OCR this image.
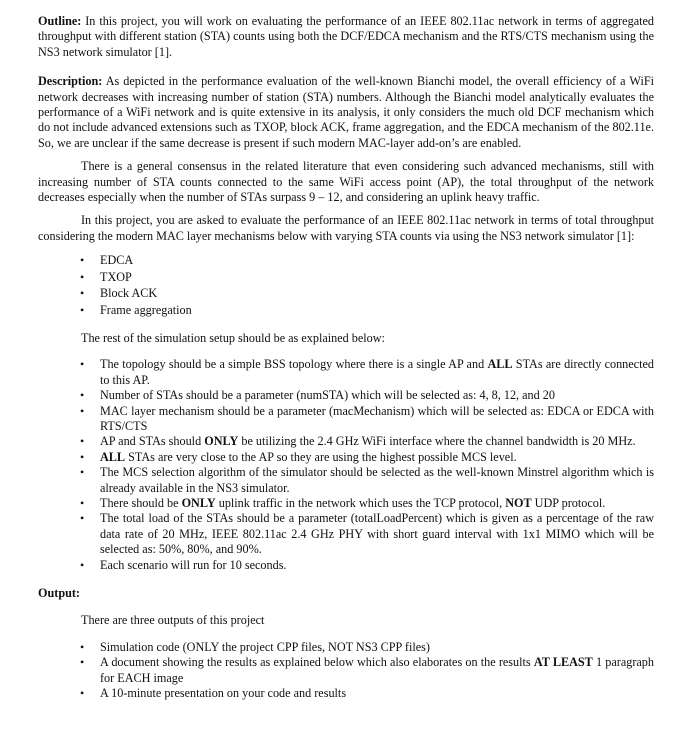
Outline: In this project, you will work on evaluating the performance of an IEEE 802.11ac network in terms of aggregated throughput with different station (STA) counts using both the DCF/EDCA mechanism and the RTS/CTS mechanism using the NS3 network simulator [1].

Description: As depicted in the performance evaluation of the well-known Bianchi model, the overall efficiency of a WiFi network decreases with increasing number of station (STA) numbers. Although the Bianchi model analytically evaluates the performance of a WiFi network and is quite extensive in its analysis, it only considers the much old DCF mechanism which do not include advanced extensions such as TXOP, block ACK, frame aggregation, and the EDCA mechanism of the 802.11e. So, we are unclear if the same decrease is present if such modern MAC-layer add-on’s are enabled.

There is a general consensus in the related literature that even considering such advanced mechanisms, still with increasing number of STA counts connected to the same WiFi access point (AP), the total throughput of the network decreases especially when the number of STAs surpass 9 – 12, and considering an uplink heavy traffic.

In this project, you are asked to evaluate the performance of an IEEE 802.11ac network in terms of total throughput considering the modern MAC layer mechanisms below with varying STA counts via using the NS3 network simulator [1]:

• EDCA
• TXOP
• Block ACK
• Frame aggregation

The rest of the simulation setup should be as explained below:

• The topology should be a simple BSS topology where there is a single AP and ALL STAs are directly connected to this AP.
• Number of STAs should be a parameter (numSTA) which will be selected as: 4, 8, 12, and 20
• MAC layer mechanism should be a parameter (macMechanism) which will be selected as: EDCA or EDCA with RTS/CTS
• AP and STAs should ONLY be utilizing the 2.4 GHz WiFi interface where the channel bandwidth is 20 MHz.
• ALL STAs are very close to the AP so they are using the highest possible MCS level.
• The MCS selection algorithm of the simulator should be selected as the well-known Minstrel algorithm which is already available in the NS3 simulator.
• There should be ONLY uplink traffic in the network which uses the TCP protocol, NOT UDP protocol.
• The total load of the STAs should be a parameter (totalLoadPercent) which is given as a percentage of the raw data rate of 20 MHz, IEEE 802.11ac 2.4 GHz PHY with short guard interval with 1x1 MIMO which will be selected as: 50%, 80%, and 90%.
• Each scenario will run for 10 seconds.

Output:

There are three outputs of this project

• Simulation code (ONLY the project CPP files, NOT NS3 CPP files)
• A document showing the results as explained below which also elaborates on the results AT LEAST 1 paragraph for EACH image
• A 10-minute presentation on your code and results
